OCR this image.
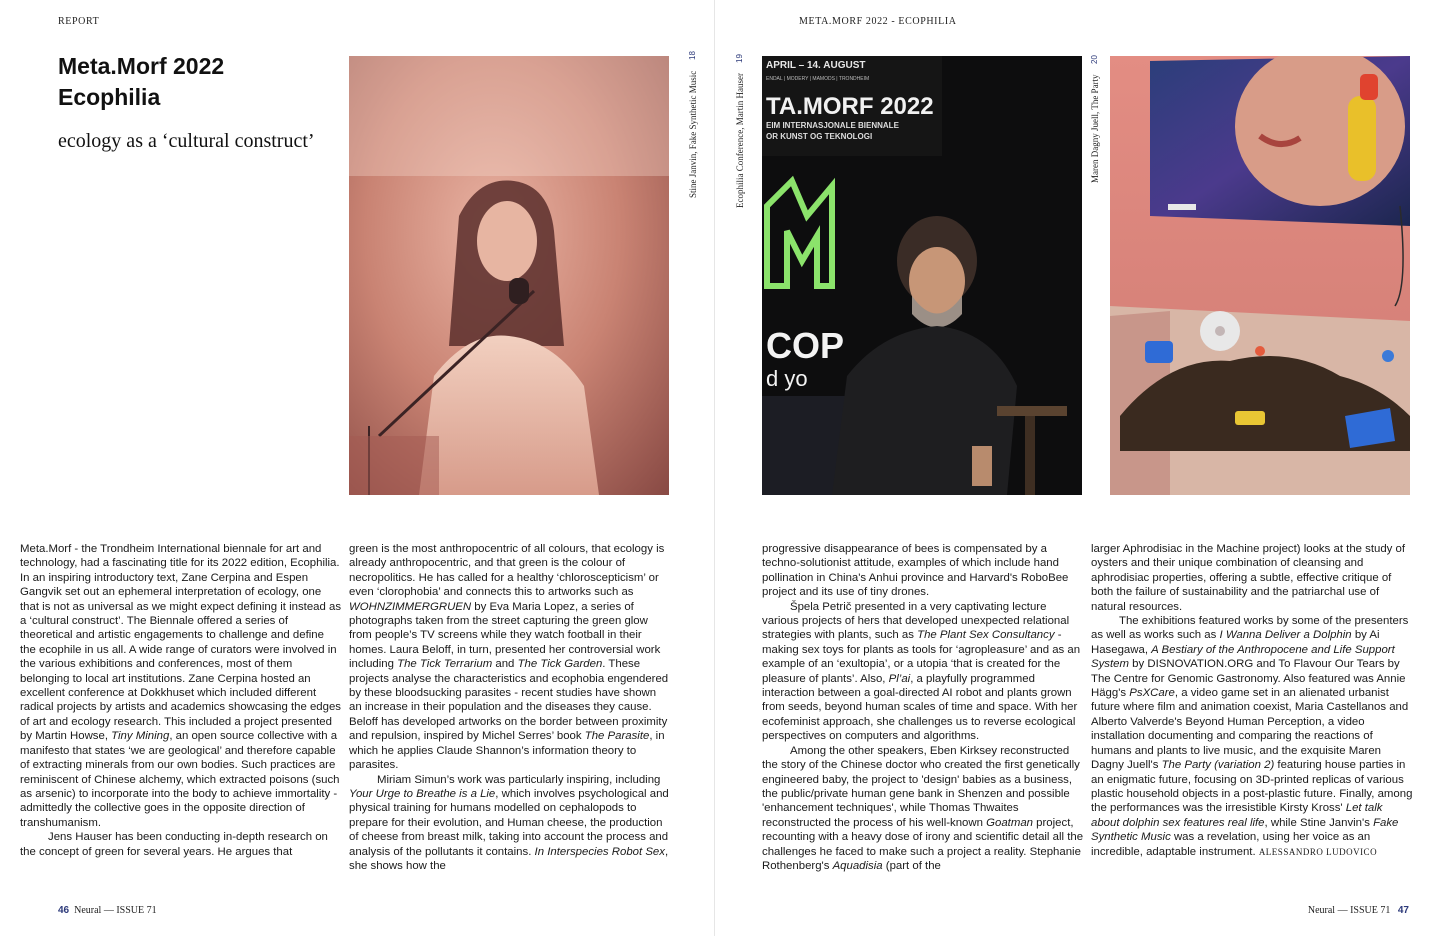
REPORT	META.MORF 2022 - ECOPHILIA
Meta.Morf 2022
Ecophilia
ecology as a ‘cultural construct’	Stine Janvin, Fake Synthetic Music 18
Ecophilia Conference, Martin Hauser 19
APRIL – 14. AUGUST
ENDAL | MODERY | MAMODS | TRONDHEIM
TA.MORF 2022
EIM INTERNASJONALE BIENNALE
OR KUNST OG TEKNOLOGI
COP
d yo
Maren Dagny Juell, The Party 20

Meta.Morf - the Trondheim International biennale for art and technology, had a fascinating title for its 2022 edition, Ecophilia. In an inspiring introductory text, Zane Cerpina and Espen Gangvik set out an ephemeral interpretation of ecology, one that is not as universal as we might expect defining it instead as a ‘cultural construct’. The Biennale offered a series of theoretical and artistic engagements to challenge and define the ecophile in us all. A wide range of curators were involved in the various exhibitions and conferences, most of them belonging to local art institutions. Zane Cerpina hosted an excellent conference at Dokkhuset which included different radical projects by artists and academics showcasing the edges of art and ecology research. This included a project presented by Martin Howse, Tiny Mining, an open source collective with a manifesto that states ‘we are geological’ and therefore capable of extracting minerals from our own bodies. Such practices are reminiscent of Chinese alchemy, which extracted poisons (such as arsenic) to incorporate into the body to achieve immortality - admittedly the collective goes in the opposite direction of transhumanism.

Jens Hauser has been conducting in-depth research on the concept of green for several years. He argues that

green is the most anthropocentric of all colours, that ecology is already anthropocentric, and that green is the colour of necropolitics. He has called for a healthy ‘chloroscepticism’ or even ‘clorophobia’ and connects this to artworks such as WOHNZIMMERGRUEN by Eva Maria Lopez, a series of photographs taken from the street capturing the green glow from people’s TV screens while they watch football in their homes. Laura Beloff, in turn, presented her controversial work including The Tick Terrarium and The Tick Garden. These projects analyse the characteristics and ecophobia engendered by these bloodsucking parasites - recent studies have shown an increase in their population and the diseases they cause. Beloff has developed artworks on the border between proximity and repulsion, inspired by Michel Serres’ book The Parasite, in which he applies Claude Shannon’s information theory to parasites.

Miriam Simun’s work was particularly inspiring, including Your Urge to Breathe is a Lie, which involves psychological and physical training for humans modelled on cephalopods to prepare for their evolution, and Human cheese, the production of cheese from breast milk, taking into account the process and analysis of the pollutants it contains. In Interspecies Robot Sex, she shows how the

progressive disappearance of bees is compensated by a techno-solutionist attitude, examples of which include hand pollination in China's Anhui province and Harvard's RoboBee project and its use of tiny drones.

Špela Petrič presented in a very captivating lecture various projects of hers that developed unexpected relational strategies with plants, such as The Plant Sex Consultancy - making sex toys for plants as tools for ‘agropleasure’ and as an example of an ‘exultopia’, or a utopia ‘that is created for the pleasure of plants’. Also, Pl’ai, a playfully programmed interaction between a goal-directed AI robot and plants grown from seeds, beyond human scales of time and space. With her ecofeminist approach, she challenges us to reverse ecological perspectives on computers and algorithms.

Among the other speakers, Eben Kirksey reconstructed the story of the Chinese doctor who created the first genetically engineered baby, the project to 'design' babies as a business, the public/private human gene bank in Shenzen and possible 'enhancement techniques', while Thomas Thwaites reconstructed the process of his well-known Goatman project, recounting with a heavy dose of irony and scientific detail all the challenges he faced to make such a project a reality. Stephanie Rothenberg's Aquadisia (part of the

larger Aphrodisiac in the Machine project) looks at the study of oysters and their unique combination of cleansing and aphrodisiac properties, offering a subtle, effective critique of both the failure of sustainability and the patriarchal use of natural resources.

The exhibitions featured works by some of the presenters as well as works such as I Wanna Deliver a Dolphin by Ai Hasegawa, A Bestiary of the Anthropocene and Life Support System by DISNOVATION.ORG and To Flavour Our Tears by The Centre for Genomic Gastronomy. Also featured was Annie Hägg's PsXCare, a video game set in an alienated urbanist future where film and animation coexist, Maria Castellanos and Alberto Valverde's Beyond Human Perception, a video installation documenting and comparing the reactions of humans and plants to live music, and the exquisite Maren Dagny Juell's The Party (variation 2) featuring house parties in an enigmatic future, focusing on 3D-printed replicas of various plastic household objects in a post-plastic future. Finally, among the performances was the irresistible Kirsty Kross' Let talk about dolphin sex features real life, while Stine Janvin's Fake Synthetic Music was a revelation, using her voice as an incredible, adaptable instrument. ALESSANDRO LUDOVICO

46 Neural — ISSUE 71	Neural — ISSUE 71 47
